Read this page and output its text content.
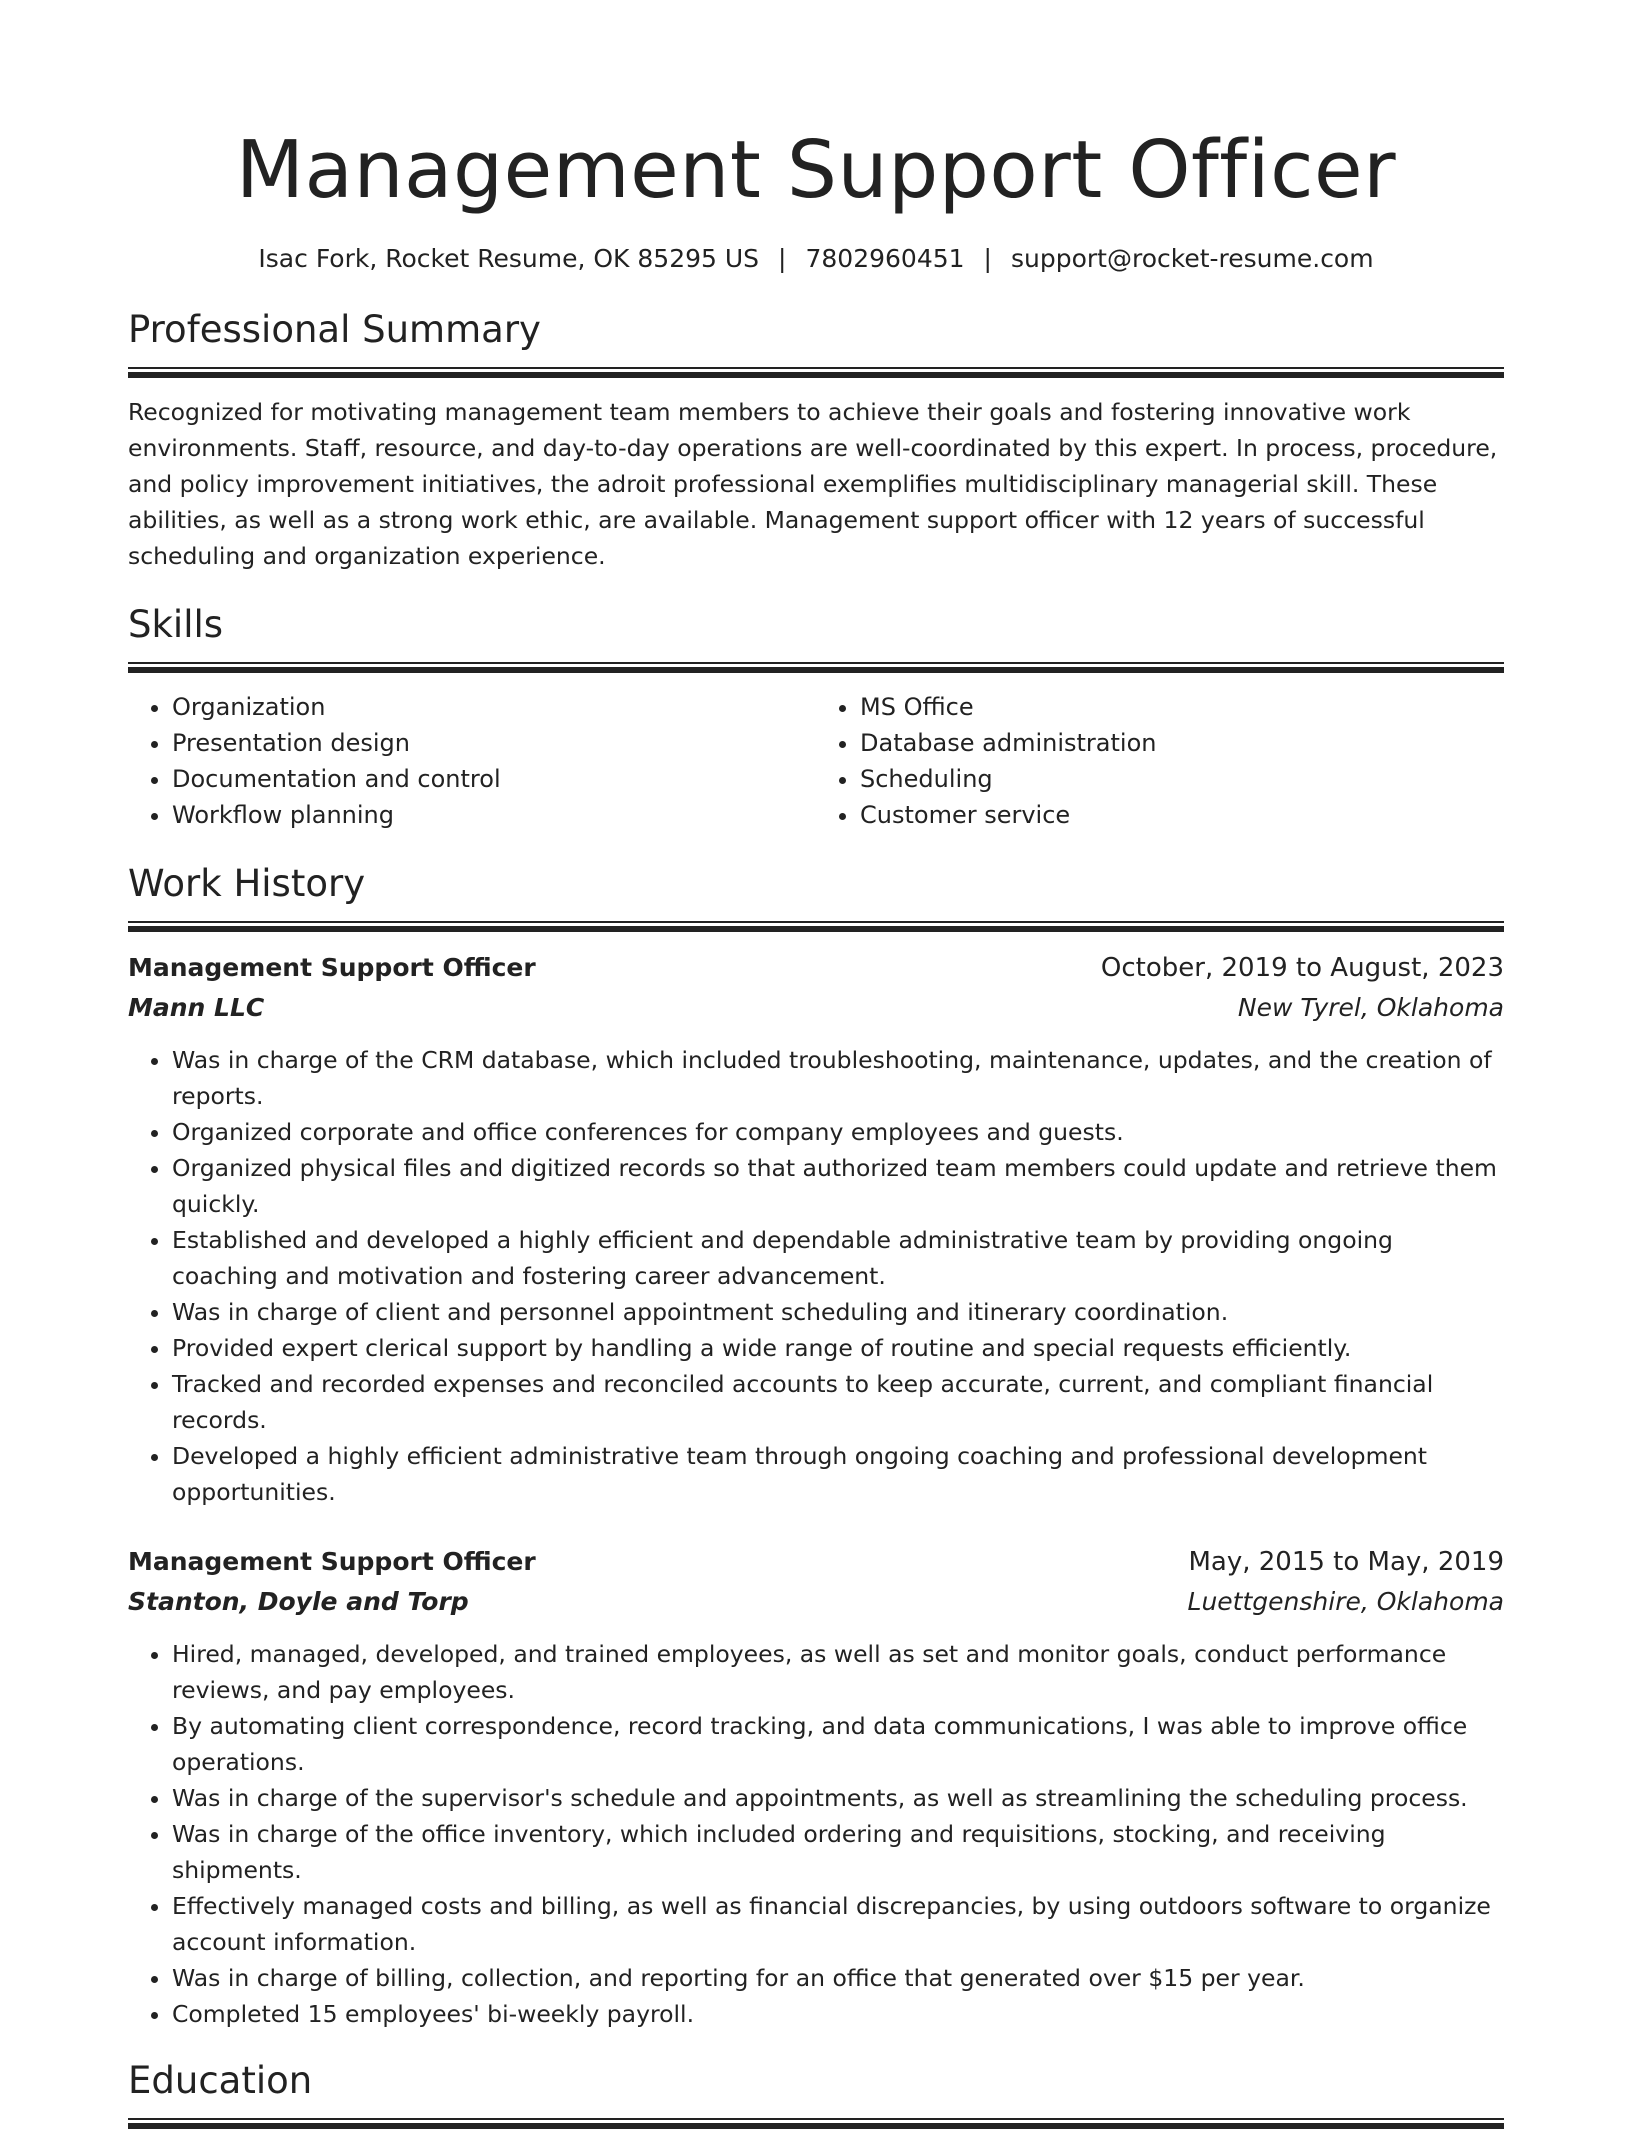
Management Support Officer
Isac Fork, Rocket Resume, OK 85295 US | 7802960451 | support@rocket-resume.com
Professional Summary

Recognized for motivating management team members to achieve their goals and fostering innovative work environments. Staff, resource, and day-to-day operations are well-coordinated by this expert. In process, procedure, and policy improvement initiatives, the adroit professional exemplifies multidisciplinary managerial skill. These abilities, as well as a strong work ethic, are available. Management support officer with 12 years of successful scheduling and organization experience.

Skills
• Organization
• Presentation design
• Documentation and control
• Workflow planning
• MS Office
• Database administration
• Scheduling
• Customer service
Work History
Management Support Officer	October, 2019 to August, 2023
Mann LLC	New Tyrel, Oklahoma
• Was in charge of the CRM database, which included troubleshooting, maintenance, updates, and the creation of reports.
• Organized corporate and office conferences for company employees and guests.
• Organized physical files and digitized records so that authorized team members could update and retrieve them quickly.
• Established and developed a highly efficient and dependable administrative team by providing ongoing coaching and motivation and fostering career advancement.
• Was in charge of client and personnel appointment scheduling and itinerary coordination.
• Provided expert clerical support by handling a wide range of routine and special requests efficiently.
• Tracked and recorded expenses and reconciled accounts to keep accurate, current, and compliant financial records.
• Developed a highly efficient administrative team through ongoing coaching and professional development opportunities.
Management Support Officer	May, 2015 to May, 2019
Stanton, Doyle and Torp	Luettgenshire, Oklahoma
• Hired, managed, developed, and trained employees, as well as set and monitor goals, conduct performance reviews, and pay employees.
• By automating client correspondence, record tracking, and data communications, I was able to improve office operations.
• Was in charge of the supervisor's schedule and appointments, as well as streamlining the scheduling process.
• Was in charge of the office inventory, which included ordering and requisitions, stocking, and receiving shipments.
• Effectively managed costs and billing, as well as financial discrepancies, by using outdoors software to organize account information.
• Was in charge of billing, collection, and reporting for an office that generated over $15 per year.
• Completed 15 employees' bi-weekly payroll.
Education
